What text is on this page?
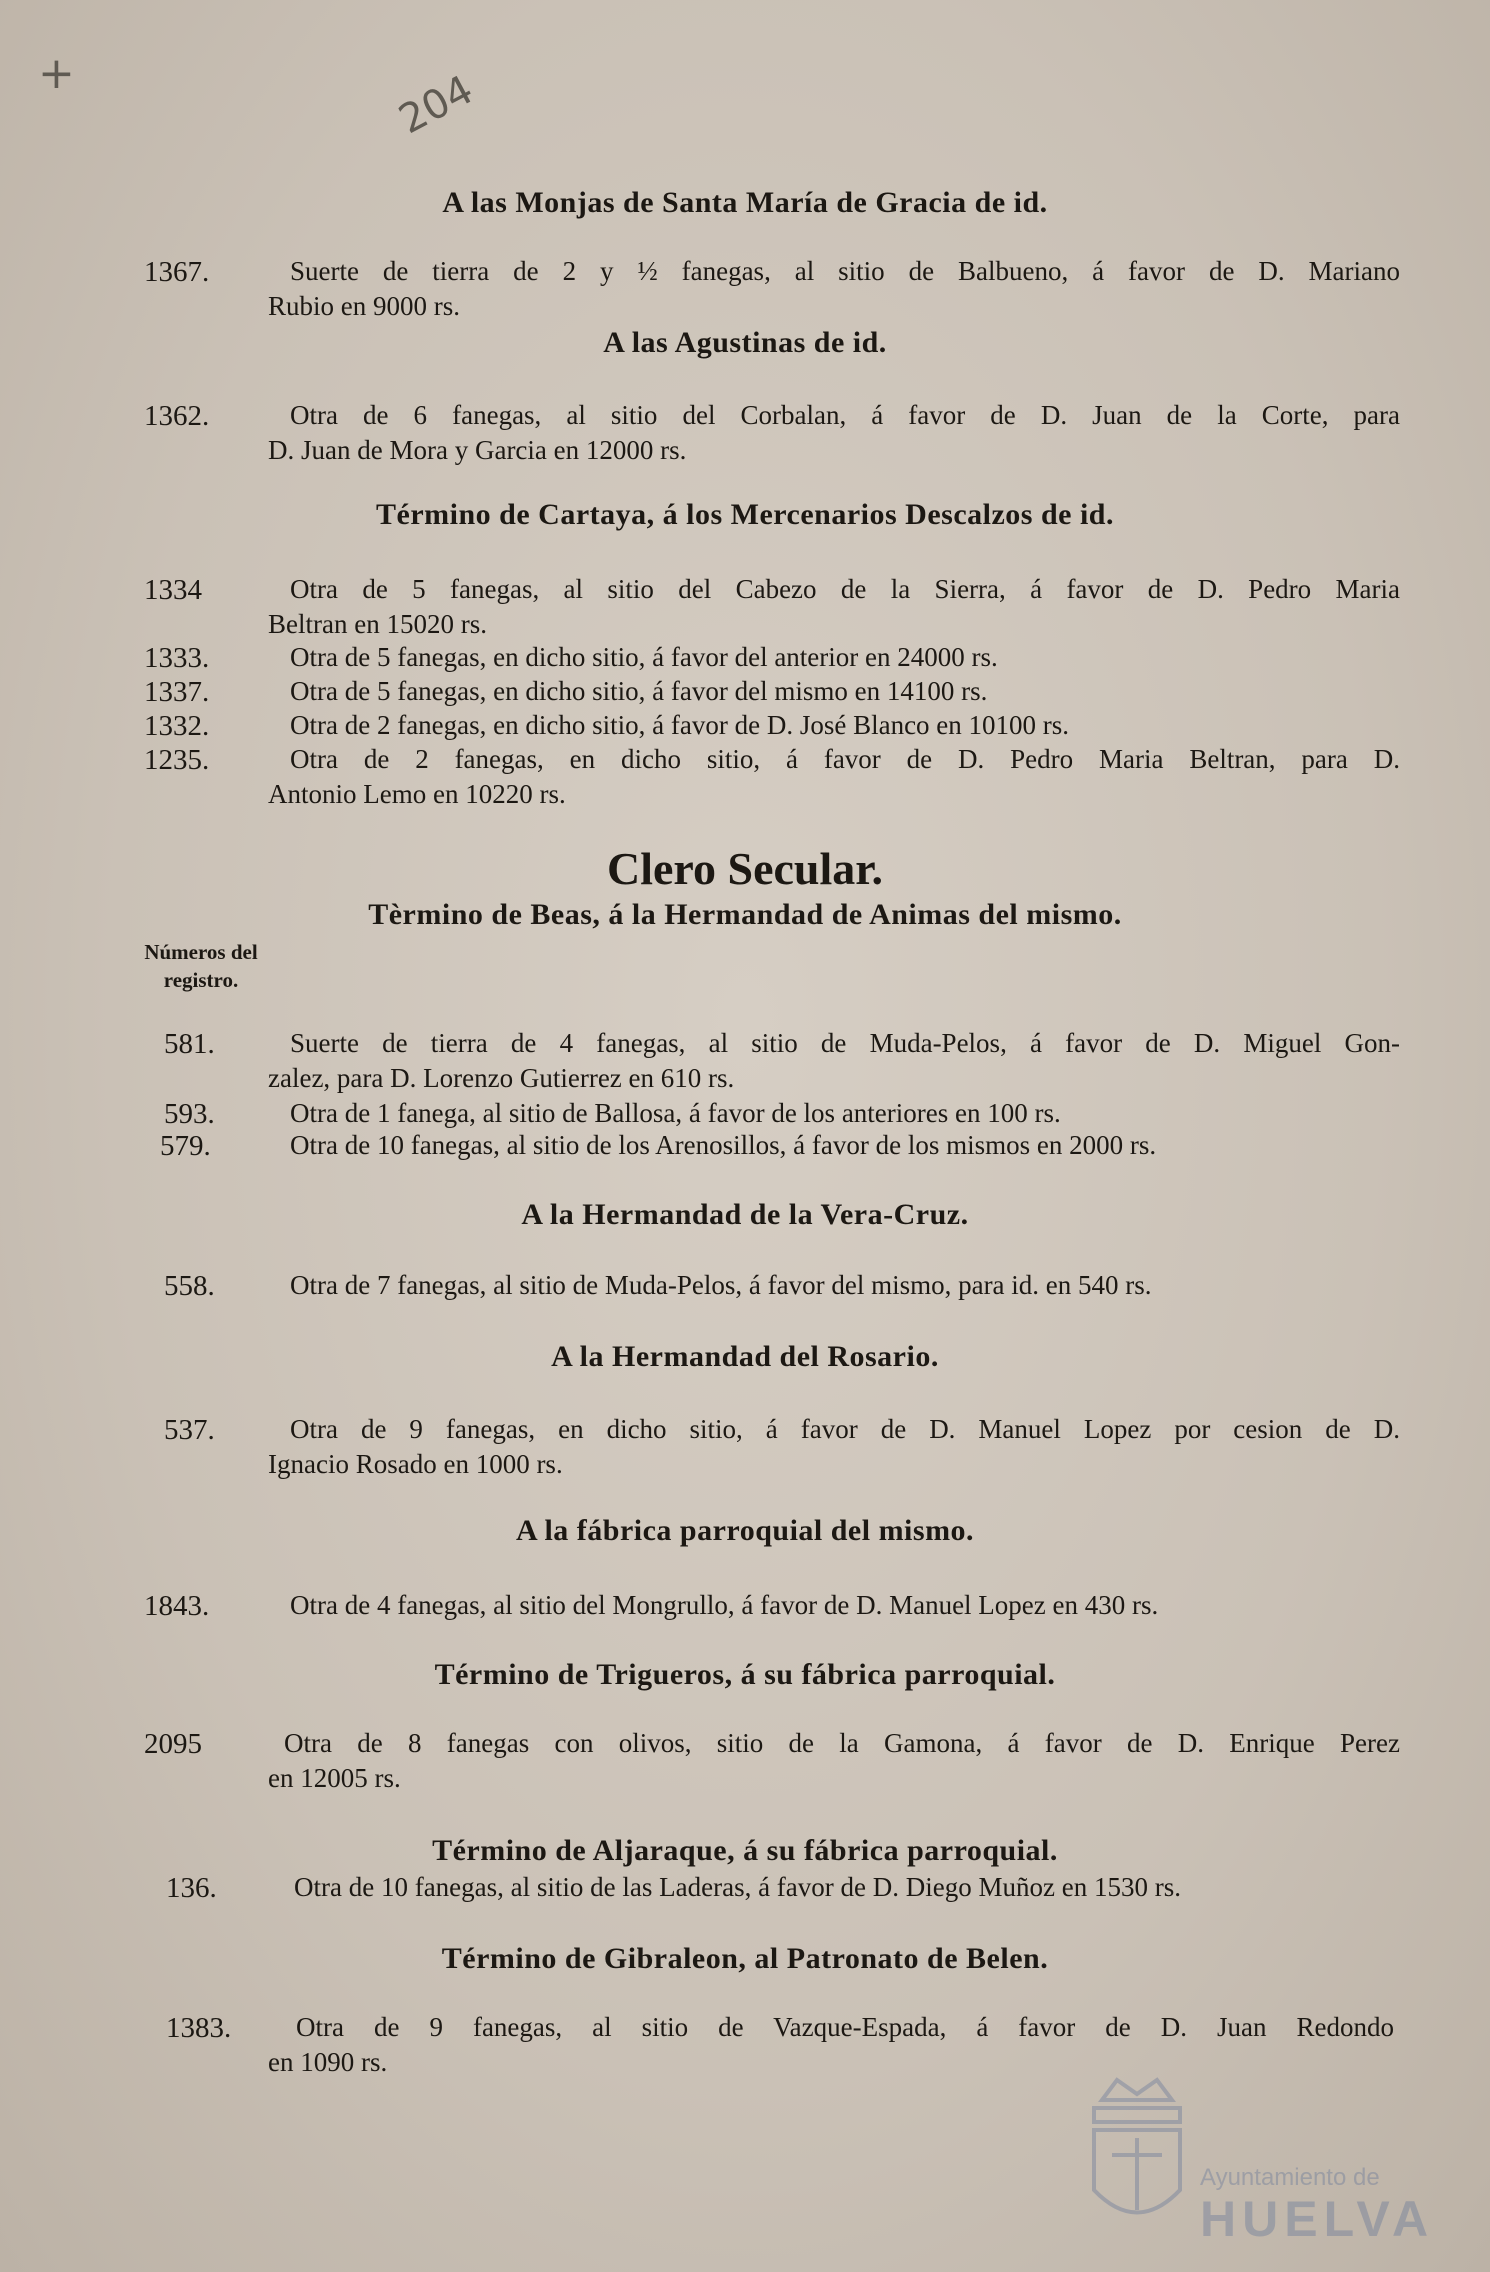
+	204
A las Monjas de Santa María de Gracia de id.
1367.	Suerte de tierra de 2 y ½ fanegas, al sitio de Balbueno, á favor de D. Mariano
Rubio en 9000 rs.
A las Agustinas de id.
1362.	Otra de 6 fanegas, al sitio del Corbalan, á favor de D. Juan de la Corte, para
D. Juan de Mora y Garcia en 12000 rs.
Término de Cartaya, á los Mercenarios Descalzos de id.
1334	Otra de 5 fanegas, al sitio del Cabezo de la Sierra, á favor de D. Pedro Maria
Beltran en 15020 rs.
1333.	Otra de 5 fanegas, en dicho sitio, á favor del anterior en 24000 rs.
1337.	Otra de 5 fanegas, en dicho sitio, á favor del mismo en 14100 rs.
1332.	Otra de 2 fanegas, en dicho sitio, á favor de D. José Blanco en 10100 rs.
1235.	Otra de 2 fanegas, en dicho sitio, á favor de D. Pedro Maria Beltran, para D.
Antonio Lemo en 10220 rs.
Clero Secular.
Tèrmino de Beas, á la Hermandad de Animas del mismo.
Números del
registro.
581.	Suerte de tierra de 4 fanegas, al sitio de Muda-Pelos, á favor de D. Miguel Gon-
zalez, para D. Lorenzo Gutierrez en 610 rs.
593.	Otra de 1 fanega, al sitio de Ballosa, á favor de los anteriores en 100 rs.
579.	Otra de 10 fanegas, al sitio de los Arenosillos, á favor de los mismos en 2000 rs.
A la Hermandad de la Vera-Cruz.
558.	Otra de 7 fanegas, al sitio de Muda-Pelos, á favor del mismo, para id. en 540 rs.
A la Hermandad del Rosario.
537.	Otra de 9 fanegas, en dicho sitio, á favor de D. Manuel Lopez por cesion de D.
Ignacio Rosado en 1000 rs.
A la fábrica parroquial del mismo.
1843.	Otra de 4 fanegas, al sitio del Mongrullo, á favor de D. Manuel Lopez en 430 rs.
Término de Trigueros, á su fábrica parroquial.
2095	Otra de 8 fanegas con olivos, sitio de la Gamona, á favor de D. Enrique Perez
en 12005 rs.
Término de Aljaraque, á su fábrica parroquial.
136.	Otra de 10 fanegas, al sitio de las Laderas, á favor de D. Diego Muñoz en 1530 rs.
Término de Gibraleon, al Patronato de Belen.
1383.	Otra de 9 fanegas, al sitio de Vazque-Espada, á favor de D. Juan Redondo
en 1090 rs.
Ayuntamiento de
HUELVA
